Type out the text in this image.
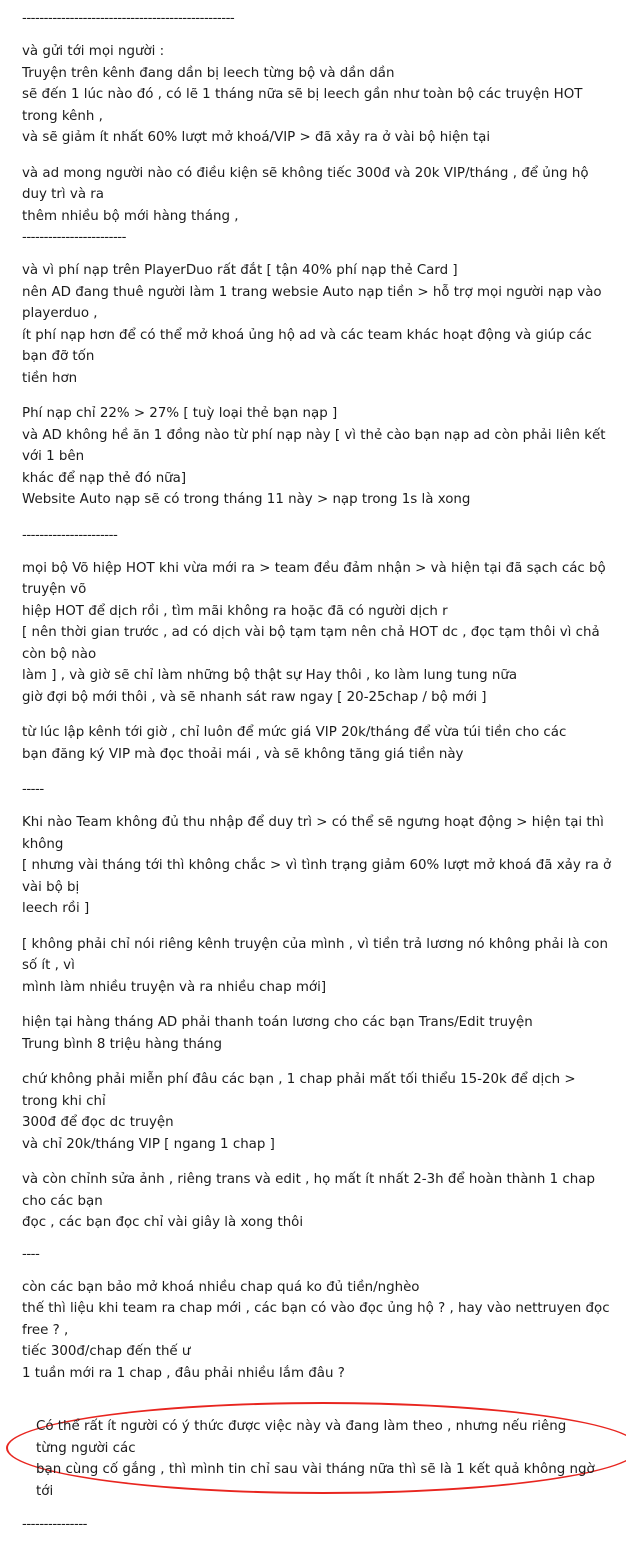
-------------------------------------------------
và gửi tới mọi người :
Truyện trên kênh đang dần bị leech từng bộ và dần dần
sẽ đến 1 lúc nào đó , có lẽ 1 tháng nữa sẽ bị leech gần như toàn bộ các truyện HOT trong kênh ,
và sẽ giảm ít nhất 60% lượt mở khoá/VIP > đã xảy ra ở vài bộ hiện tại
và ad mong người nào có điều kiện sẽ không tiếc 300đ và 20k VIP/tháng , để ủng hộ duy trì và ra
thêm nhiều bộ mới hàng tháng ,
------------------------
và vì phí nạp trên PlayerDuo rất đắt [ tận 40% phí nạp thẻ Card ]
nên AD đang thuê người làm 1 trang websie Auto nạp tiền > hỗ trợ mọi người nạp vào playerduo ,
ít phí nạp hơn để có thể mở khoá ủng hộ ad và các team khác hoạt động và giúp các bạn đỡ tốn
tiền hơn
Phí nạp chỉ 22% > 27% [ tuỳ loại thẻ bạn nạp ]
và AD không hề ăn 1 đồng nào từ phí nạp này [ vì thẻ cào bạn nạp ad còn phải liên kết với 1 bên
khác để nạp thẻ đó nữa]
Website Auto nạp sẽ có trong tháng 11 này > nạp trong 1s là xong
----------------------
mọi bộ Võ hiệp HOT khi vừa mới ra > team đều đảm nhận > và hiện tại đã sạch các bộ truyện võ
hiệp HOT để dịch rồi , tìm mãi không ra hoặc đã có người dịch r
[ nên thời gian trước , ad có dịch vài bộ tạm tạm nên chả HOT dc , đọc tạm thôi vì chả còn bộ nào
làm ] , và giờ sẽ chỉ làm những bộ thật sự Hay thôi , ko làm lung tung nữa
giờ đợi bộ mới thôi , và sẽ nhanh sát raw ngay [ 20-25chap / bộ mới ]
từ lúc lập kênh tới giờ , chỉ luôn để mức giá VIP 20k/tháng để vừa túi tiền cho các
bạn đăng ký VIP mà đọc thoải mái , và sẽ không tăng giá tiền này
-----
Khi nào Team không đủ thu nhập để duy trì > có thể sẽ ngưng hoạt động > hiện tại thì không
[ nhưng vài tháng tới thì không chắc > vì tình trạng giảm 60% lượt mở khoá đã xảy ra ở vài bộ bị
leech rồi ]
[ không phải chỉ nói riêng kênh truyện của mình , vì tiền trả lương nó không phải là con số ít , vì
mình làm nhiều truyện và ra nhiều chap mới]
hiện tại hàng tháng AD phải thanh toán lương cho các bạn Trans/Edit truyện
Trung bình 8 triệu hàng tháng
chứ không phải miễn phí đâu các bạn , 1 chap phải mất tối thiểu 15-20k để dịch > trong khi chỉ
300đ để đọc dc truyện
và chỉ 20k/tháng VIP [ ngang 1 chap ]
và còn chỉnh sửa ảnh , riêng trans và edit , họ mất ít nhất 2-3h để hoàn thành 1 chap cho các bạn
đọc , các bạn đọc chỉ vài giây là xong thôi
----
còn các bạn bảo mở khoá nhiều chap quá ko đủ tiền/nghèo
thế thì liệu khi team ra chap mới , các bạn có vào đọc ủng hộ ? , hay vào nettruyen đọc free ? ,
tiếc 300đ/chap đến thế ư
1 tuần mới ra 1 chap , đâu phải nhiều lắm đâu ?
Có thể rất ít người có ý thức được việc này và đang làm theo , nhưng nếu riêng từng người các
bạn cùng cố gắng , thì mình tin chỉ sau vài tháng nữa thì sẽ là 1 kết quả không ngờ tới
---------------
